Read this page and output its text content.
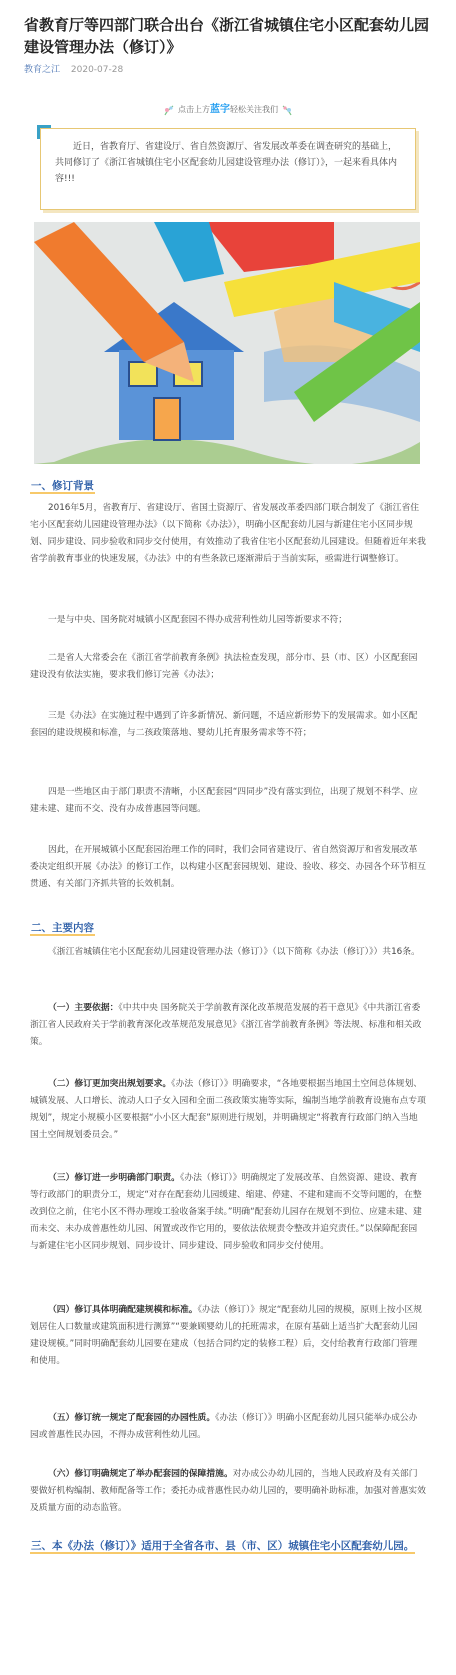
省教育厅等四部门联合出台《浙江省城镇住宅小区配套幼儿园建设管理办法（修订）》
教育之江 2020-07-28
点击上方蓝字轻松关注我们
近日，省教育厅、省建设厅、省自然资源厅、省发展改革委在调查研究的基础上，共同修订了《浙江省城镇住宅小区配套幼儿园建设管理办法（修订）》，一起来看具体内容!!!
一、修订背景
2016年5月，省教育厅、省建设厅、省国土资源厅、省发展改革委四部门联合制发了《浙江省住宅小区配套幼儿园建设管理办法》（以下简称《办法》），明确小区配套幼儿园与新建住宅小区同步规划、同步建设、同步验收和同步交付使用，有效推动了我省住宅小区配套幼儿园建设。但随着近年来我省学前教育事业的快速发展，《办法》中的有些条款已逐渐滞后于当前实际，亟需进行调整修订。
一是与中央、国务院对城镇小区配套园不得办成营利性幼儿园等新要求不符；
二是省人大常委会在《浙江省学前教育条例》执法检查发现，部分市、县（市、区）小区配套园建设没有依法实施，要求我们修订完善《办法》；
三是《办法》在实施过程中遇到了许多新情况、新问题，不适应新形势下的发展需求。如小区配套园的建设规模和标准，与二孩政策落地、婴幼儿托育服务需求等不符；
四是一些地区由于部门职责不清晰，小区配套园“四同步”没有落实到位，出现了规划不科学、应建未建、建而不交、没有办成普惠园等问题。
因此，在开展城镇小区配套园治理工作的同时，我们会同省建设厅、省自然资源厅和省发展改革委决定组织开展《办法》的修订工作，以构建小区配套园规划、建设、验收、移交、办园各个环节相互贯通、有关部门齐抓共管的长效机制。
二、主要内容
《浙江省城镇住宅小区配套幼儿园建设管理办法（修订）》（以下简称《办法（修订）》）共16条。
（一）主要依据：《中共中央 国务院关于学前教育深化改革规范发展的若干意见》《中共浙江省委 浙江省人民政府关于学前教育深化改革规范发展意见》《浙江省学前教育条例》等法规、标准和相关政策。
（二）修订更加突出规划要求。《办法（修订）》明确要求，“各地要根据当地国土空间总体规划、城镇发展、人口增长、流动人口子女入园和全面二孩政策实施等实际，编制当地学前教育设施布点专项规划”，规定小规模小区要根据“小小区大配套”原则进行规划，并明确规定“将教育行政部门纳入当地国土空间规划委员会。”
（三）修订进一步明确部门职责。《办法（修订）》明确规定了发展改革、自然资源、建设、教育等行政部门的职责分工，规定“对存在配套幼儿园缓建、缩建、停建、不建和建而不交等问题的，在整改到位之前，住宅小区不得办理竣工验收备案手续。”明确“配套幼儿园存在规划不到位、应建未建、建而未交、未办成普惠性幼儿园、闲置或改作它用的，要依法依规责令整改并追究责任。”以保障配套园与新建住宅小区同步规划、同步设计、同步建设、同步验收和同步交付使用。
（四）修订具体明确配建规模和标准。《办法（修订）》规定“配套幼儿园的规模，原则上按小区规划居住人口数量或建筑面积进行测算”“要兼顾婴幼儿的托班需求，在原有基础上适当扩大配套幼儿园建设规模。”同时明确配套幼儿园要在建成（包括合同约定的装修工程）后，交付给教育行政部门管理和使用。
（五）修订统一规定了配套园的办园性质。《办法（修订）》明确小区配套幼儿园只能举办成公办园或普惠性民办园，不得办成营利性幼儿园。
（六）修订明确规定了举办配套园的保障措施。对办成公办幼儿园的，当地人民政府及有关部门要做好机构编制、教师配备等工作；委托办成普惠性民办幼儿园的，要明确补助标准，加强对普惠实效及质量方面的动态监管。
三、本《办法（修订）》适用于全省各市、县（市、区）城镇住宅小区配套幼儿园。
